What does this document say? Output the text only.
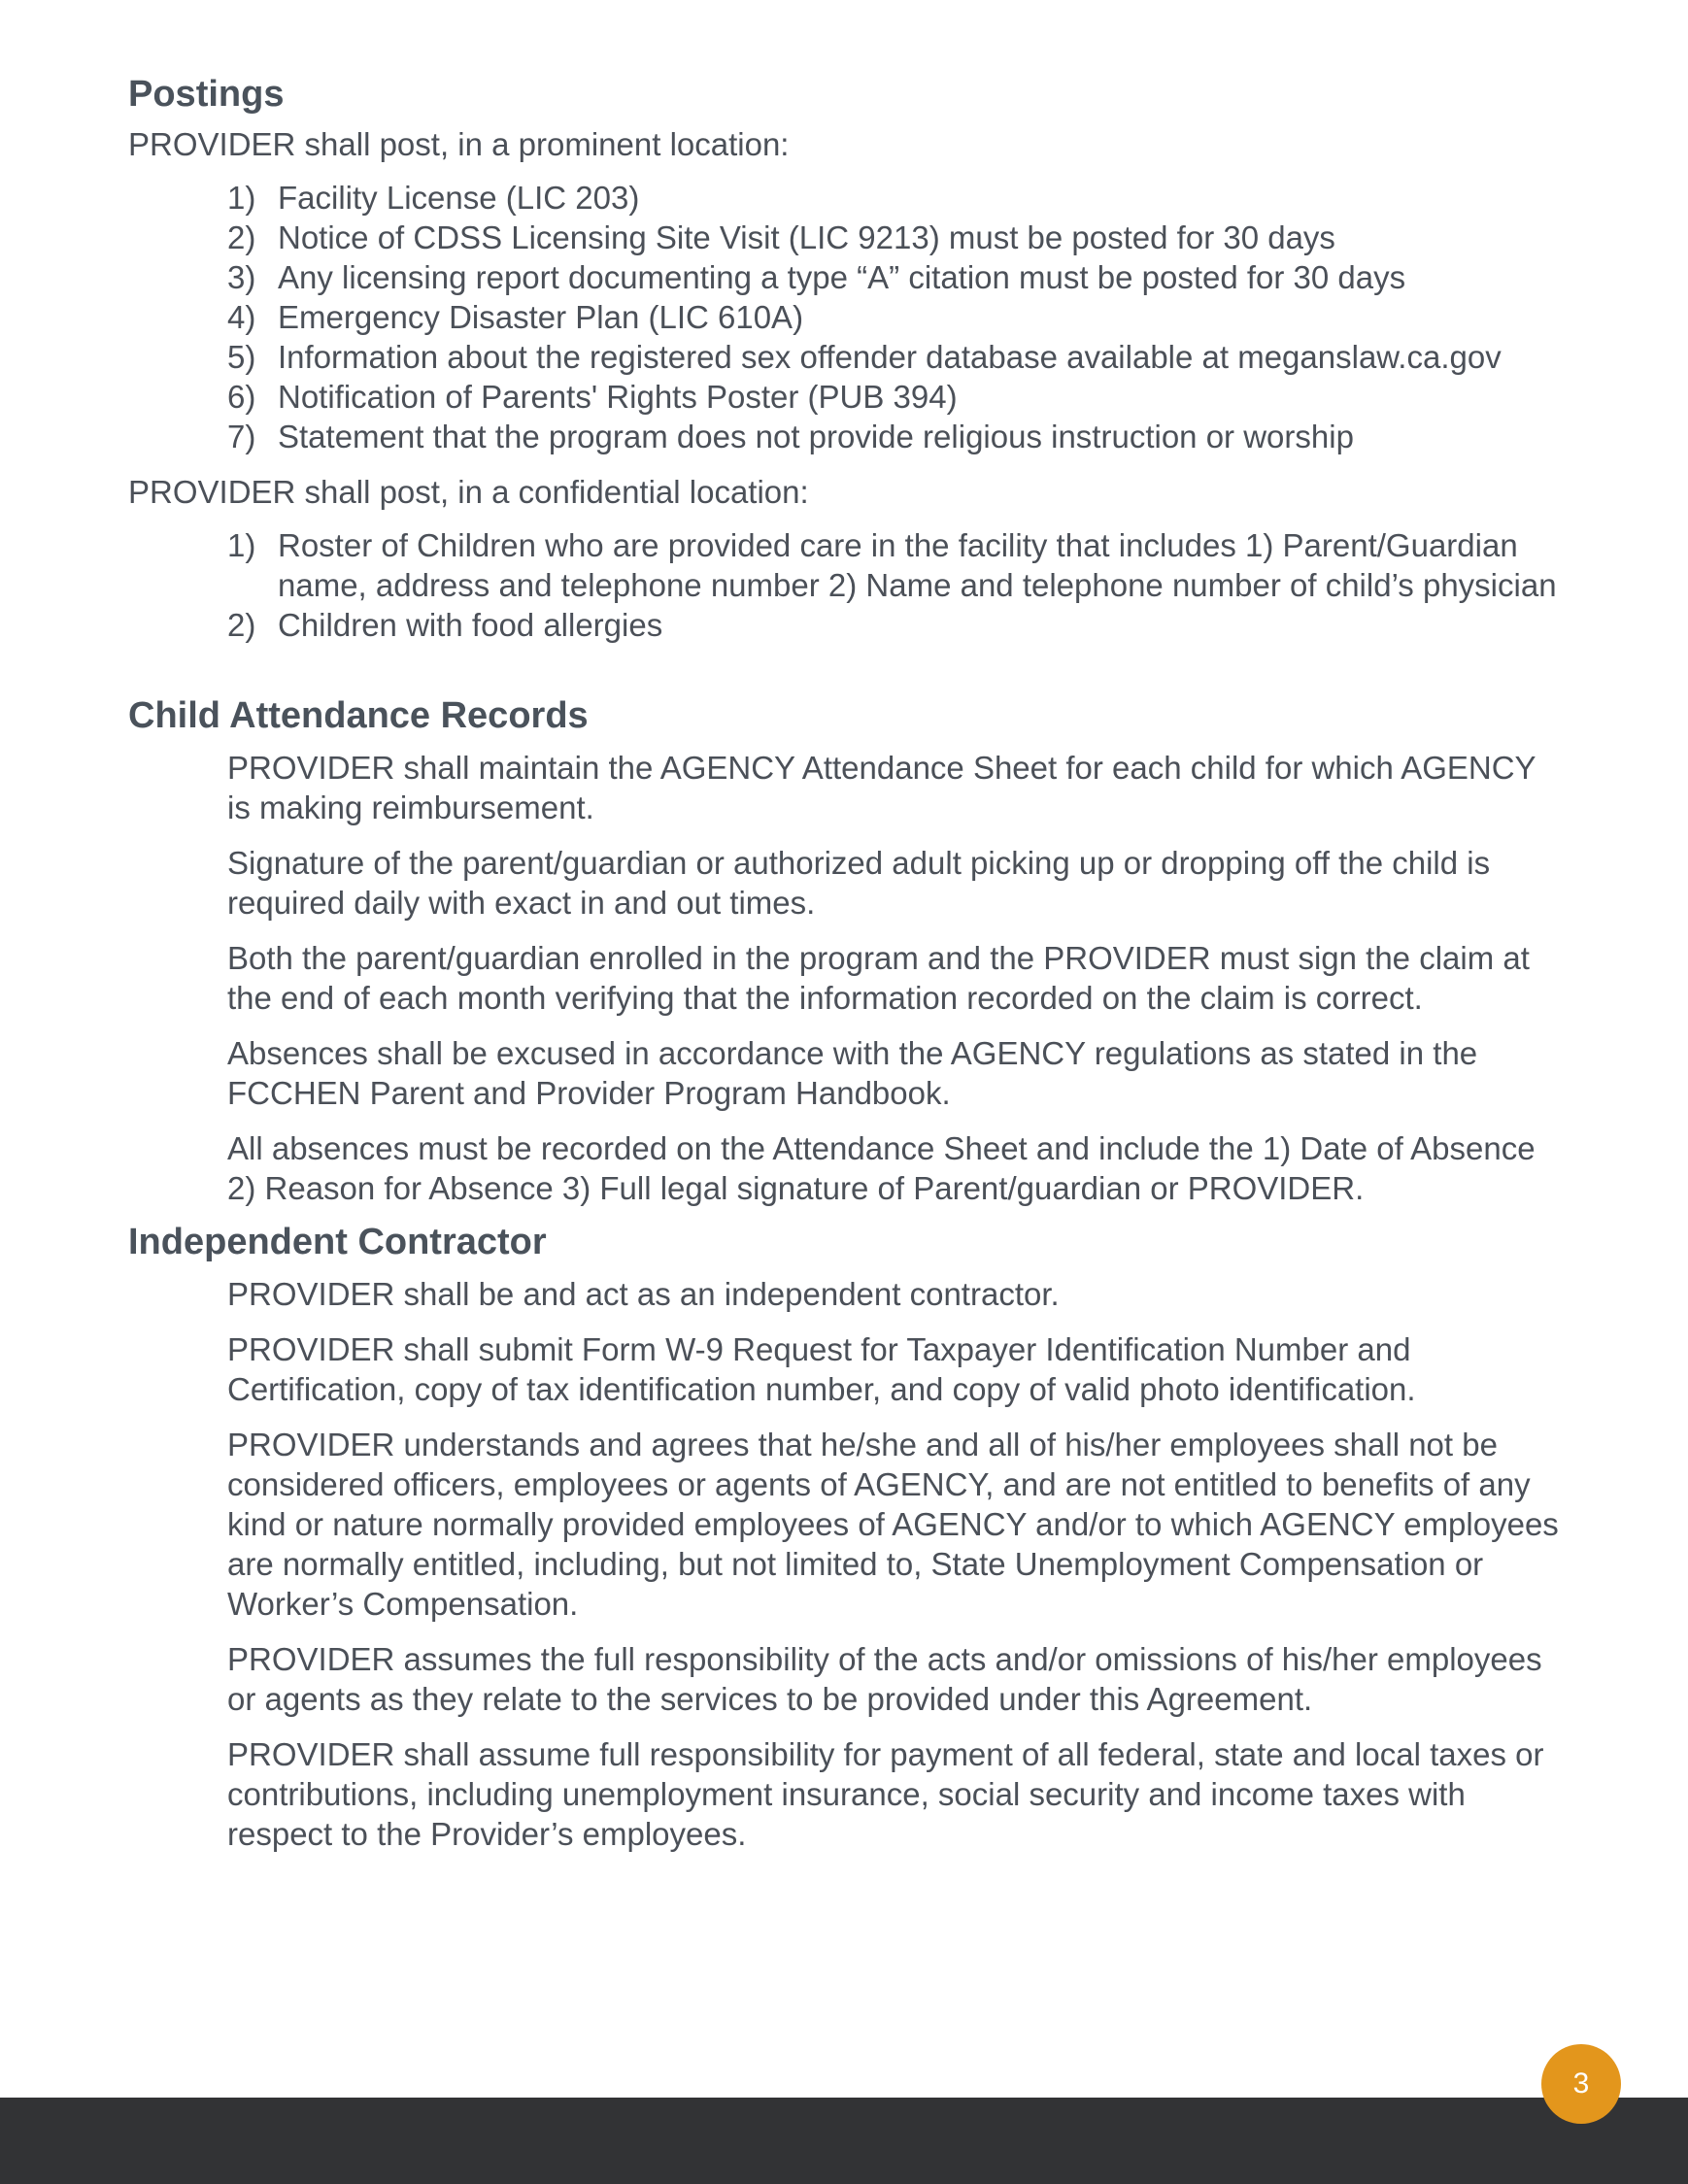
Postings

PROVIDER shall post, in a prominent location:

1) Facility License (LIC 203)
2) Notice of CDSS Licensing Site Visit (LIC 9213) must be posted for 30 days
3) Any licensing report documenting a type “A” citation must be posted for 30 days
4) Emergency Disaster Plan (LIC 610A)
5) Information about the registered sex offender database available at meganslaw.ca.gov
6) Notification of Parents' Rights Poster (PUB 394)
7) Statement that the program does not provide religious instruction or worship

PROVIDER shall post, in a confidential location:

1) Roster of Children who are provided care in the facility that includes 1) Parent/Guardian name, address and telephone number 2) Name and telephone number of child’s physician
2) Children with food allergies
Child Attendance Records

PROVIDER shall maintain the AGENCY Attendance Sheet for each child for which AGENCY is making reimbursement.

Signature of the parent/guardian or authorized adult picking up or dropping off the child is required daily with exact in and out times.

Both the parent/guardian enrolled in the program and the PROVIDER must sign the claim at the end of each month verifying that the information recorded on the claim is correct.

Absences shall be excused in accordance with the AGENCY regulations as stated in the FCCHEN Parent and Provider Program Handbook.

All absences must be recorded on the Attendance Sheet and include the 1) Date of Absence 2) Reason for Absence 3) Full legal signature of Parent/guardian or PROVIDER.

Independent Contractor

PROVIDER shall be and act as an independent contractor.

PROVIDER shall submit Form W-9 Request for Taxpayer Identification Number and Certification, copy of tax identification number, and copy of valid photo identification.

PROVIDER understands and agrees that he/she and all of his/her employees shall not be considered officers, employees or agents of AGENCY, and are not entitled to benefits of any kind or nature normally provided employees of AGENCY and/or to which AGENCY employees are normally entitled, including, but not limited to, State Unemployment Compensation or Worker’s Compensation.

PROVIDER assumes the full responsibility of the acts and/or omissions of his/her employees or agents as they relate to the services to be provided under this Agreement.

PROVIDER shall assume full responsibility for payment of all federal, state and local taxes or contributions, including unemployment insurance, social security and income taxes with respect to the Provider’s employees.

3
